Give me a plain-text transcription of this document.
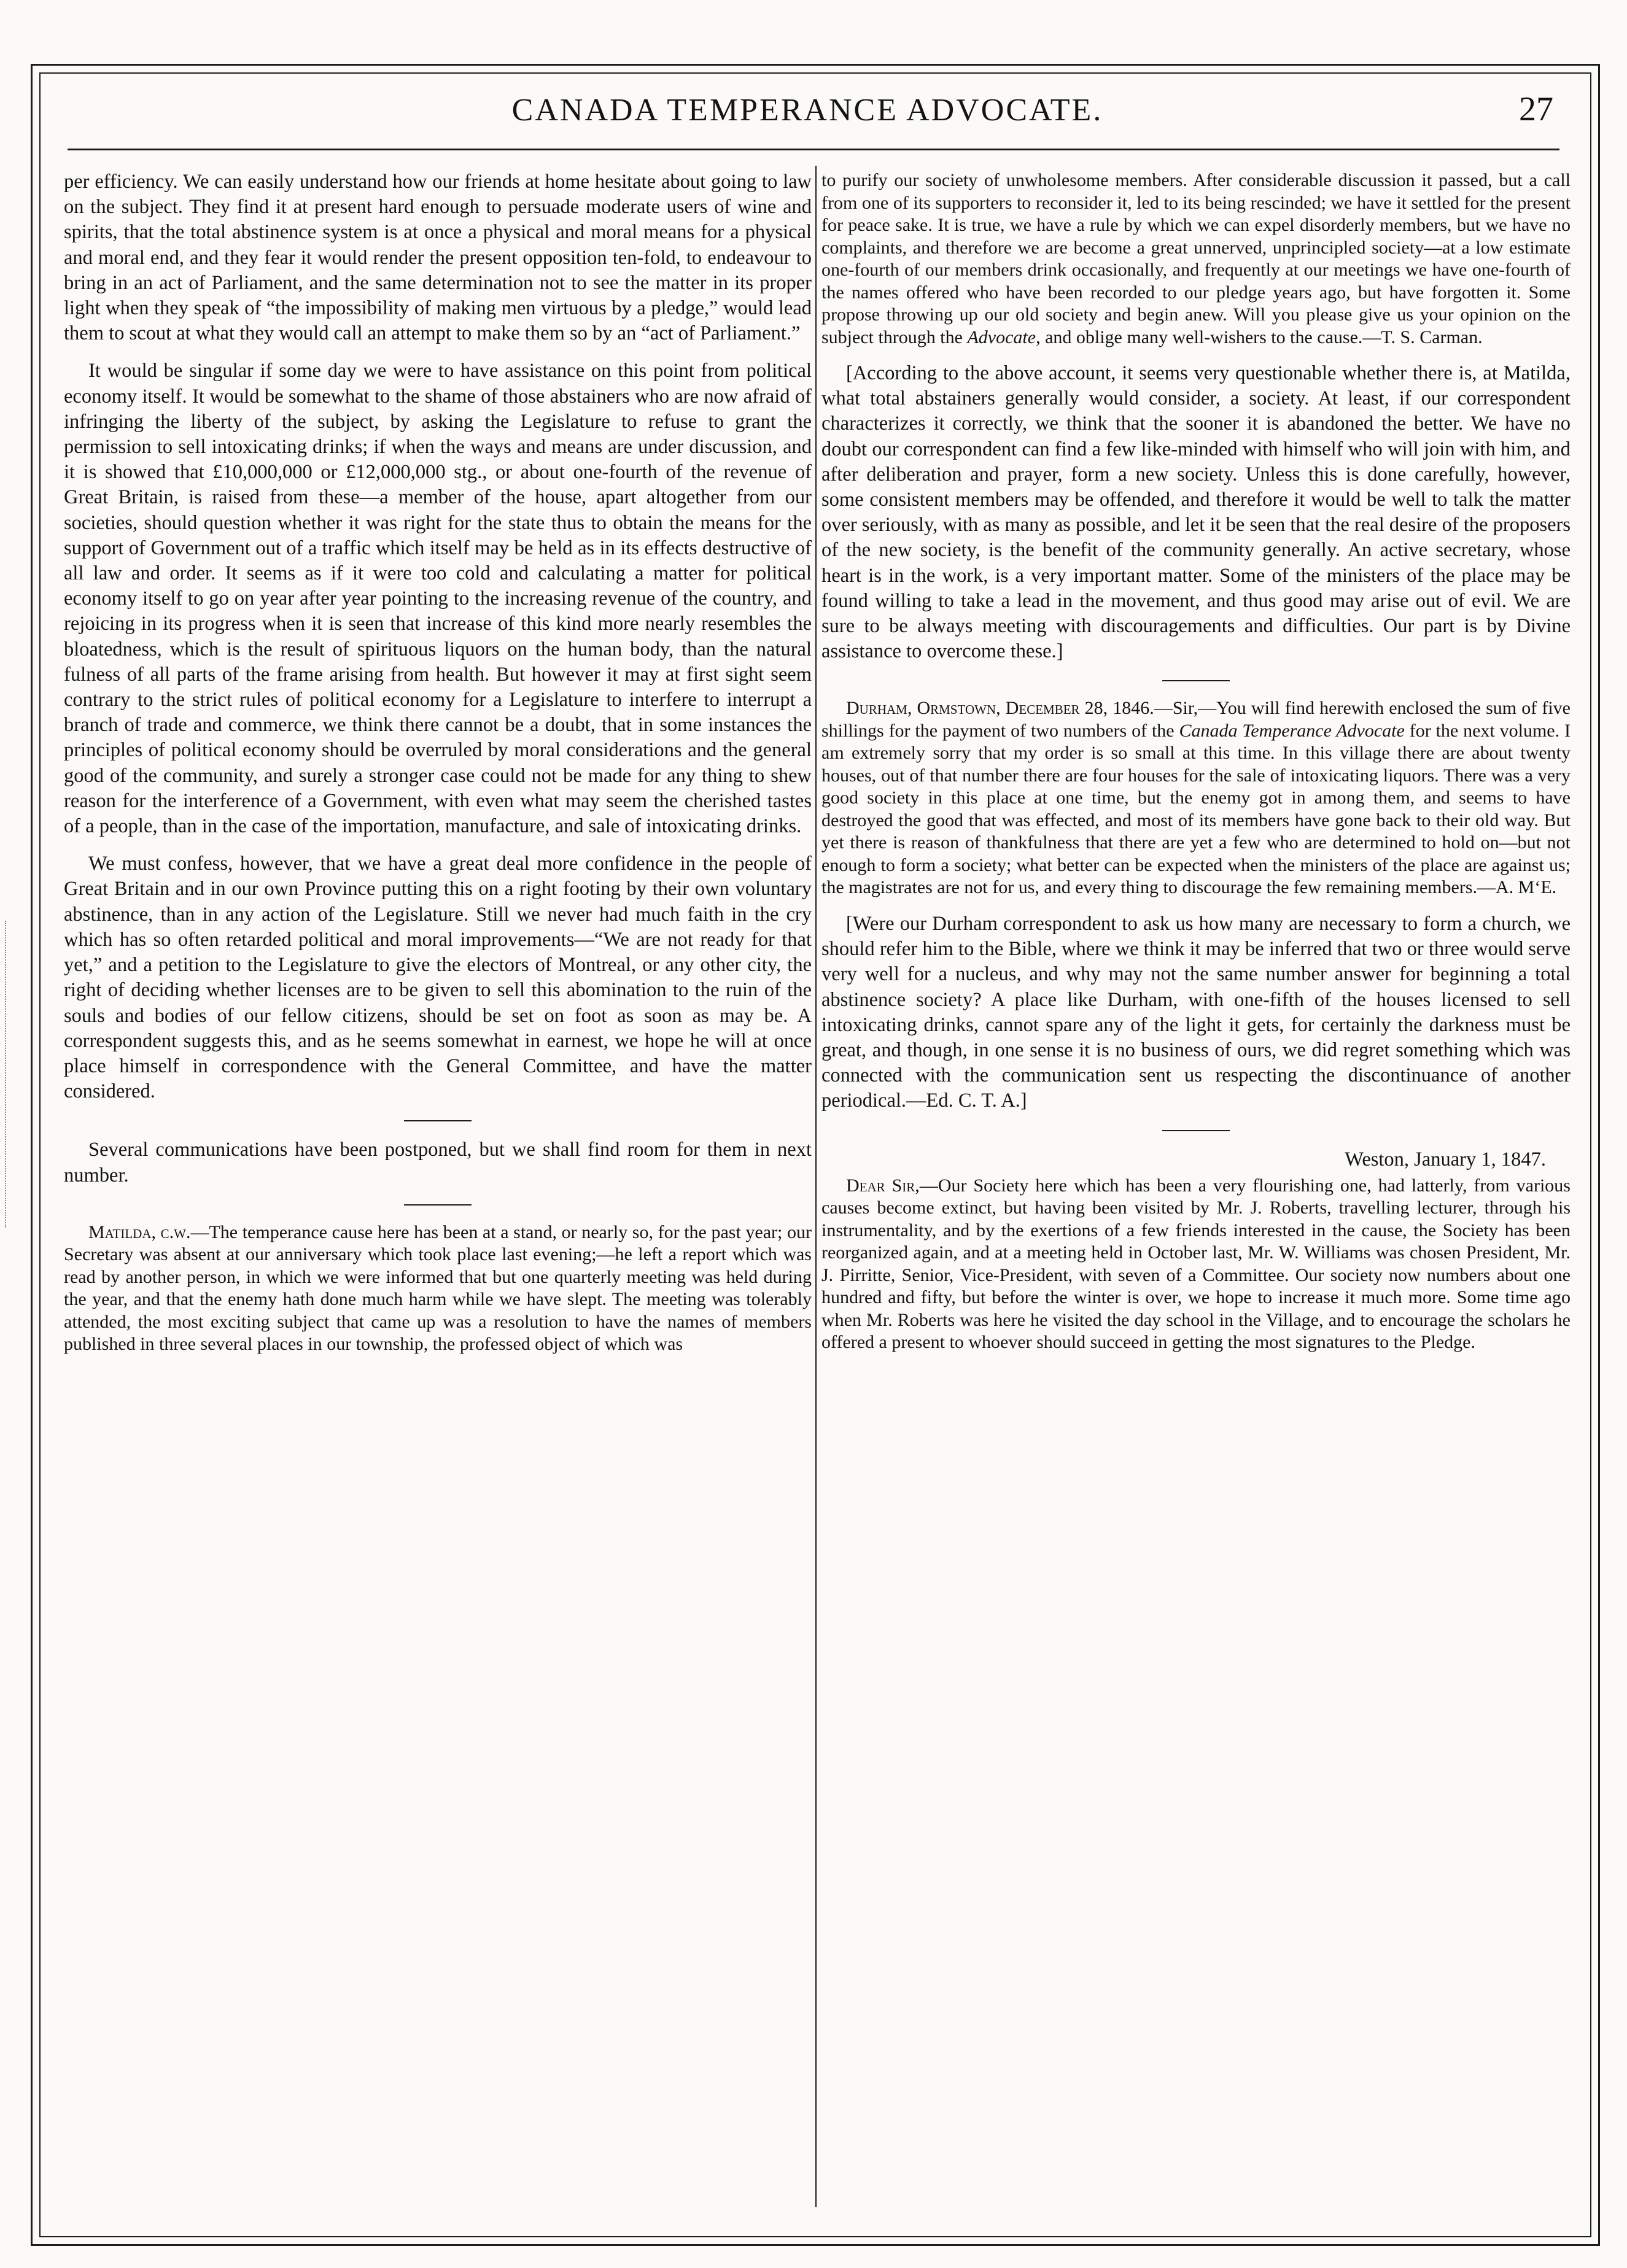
CANADA TEMPERANCE ADVOCATE.	27

per efficiency. We can easily understand how our friends at home hesitate about going to law on the subject. They find it at present hard enough to persuade moderate users of wine and spirits, that the total abstinence system is at once a physical and moral means for a physical and moral end, and they fear it would render the present opposition ten-fold, to endeavour to bring in an act of Parliament, and the same determination not to see the matter in its proper light when they speak of “the impossibility of making men virtuous by a pledge,” would lead them to scout at what they would call an attempt to make them so by an “act of Parliament.”

It would be singular if some day we were to have assistance on this point from political economy itself. It would be somewhat to the shame of those abstainers who are now afraid of infringing the liberty of the subject, by asking the Legislature to refuse to grant the permission to sell intoxicating drinks; if when the ways and means are under discussion, and it is showed that £10,000,000 or £12,000,000 stg., or about one-fourth of the revenue of Great Britain, is raised from these—a member of the house, apart altogether from our societies, should question whether it was right for the state thus to obtain the means for the support of Government out of a traffic which itself may be held as in its effects destructive of all law and order. It seems as if it were too cold and calculating a matter for political economy itself to go on year after year pointing to the increasing revenue of the country, and rejoicing in its progress when it is seen that increase of this kind more nearly resembles the bloatedness, which is the result of spirituous liquors on the human body, than the natural fulness of all parts of the frame arising from health. But however it may at first sight seem contrary to the strict rules of political economy for a Legislature to interfere to interrupt a branch of trade and commerce, we think there cannot be a doubt, that in some instances the principles of political economy should be overruled by moral considerations and the general good of the community, and surely a stronger case could not be made for any thing to shew reason for the interference of a Government, with even what may seem the cherished tastes of a people, than in the case of the importation, manufacture, and sale of intoxicating drinks.

We must confess, however, that we have a great deal more confidence in the people of Great Britain and in our own Province putting this on a right footing by their own voluntary abstinence, than in any action of the Legislature. Still we never had much faith in the cry which has so often retarded political and moral improvements—“We are not ready for that yet,” and a petition to the Legislature to give the electors of Montreal, or any other city, the right of deciding whether licenses are to be given to sell this abomination to the ruin of the souls and bodies of our fellow citizens, should be set on foot as soon as may be. A correspondent suggests this, and as he seems somewhat in earnest, we hope he will at once place himself in correspondence with the General Committee, and have the matter considered.

Several communications have been postponed, but we shall find room for them in next number.

Matilda, c.w.—The temperance cause here has been at a stand, or nearly so, for the past year; our Secretary was absent at our anniversary which took place last evening;—he left a report which was read by another person, in which we were informed that but one quarterly meeting was held during the year, and that the enemy hath done much harm while we have slept. The meeting was tolerably attended, the most exciting subject that came up was a resolution to have the names of members published in three several places in our township, the professed object of which was

to purify our society of unwholesome members. After considerable discussion it passed, but a call from one of its supporters to reconsider it, led to its being rescinded; we have it settled for the present for peace sake. It is true, we have a rule by which we can expel disorderly members, but we have no complaints, and therefore we are become a great unnerved, unprincipled society—at a low estimate one-fourth of our members drink occasionally, and frequently at our meetings we have one-fourth of the names offered who have been recorded to our pledge years ago, but have forgotten it. Some propose throwing up our old society and begin anew. Will you please give us your opinion on the subject through the Advocate, and oblige many well-wishers to the cause.—T. S. Carman.

[According to the above account, it seems very questionable whether there is, at Matilda, what total abstainers generally would consider, a society. At least, if our correspondent characterizes it correctly, we think that the sooner it is abandoned the better. We have no doubt our correspondent can find a few like-minded with himself who will join with him, and after deliberation and prayer, form a new society. Unless this is done carefully, however, some consistent members may be offended, and therefore it would be well to talk the matter over seriously, with as many as possible, and let it be seen that the real desire of the proposers of the new society, is the benefit of the community generally. An active secretary, whose heart is in the work, is a very important matter. Some of the ministers of the place may be found willing to take a lead in the movement, and thus good may arise out of evil. We are sure to be always meeting with discouragements and difficulties. Our part is by Divine assistance to overcome these.]

Durham, Ormstown, December 28, 1846.—Sir,—You will find herewith enclosed the sum of five shillings for the payment of two numbers of the Canada Temperance Advocate for the next volume. I am extremely sorry that my order is so small at this time. In this village there are about twenty houses, out of that number there are four houses for the sale of intoxicating liquors. There was a very good society in this place at one time, but the enemy got in among them, and seems to have destroyed the good that was effected, and most of its members have gone back to their old way. But yet there is reason of thankfulness that there are yet a few who are determined to hold on—but not enough to form a society; what better can be expected when the ministers of the place are against us; the magistrates are not for us, and every thing to discourage the few remaining members.—A. M‘E.

[Were our Durham correspondent to ask us how many are necessary to form a church, we should refer him to the Bible, where we think it may be inferred that two or three would serve very well for a nucleus, and why may not the same number answer for beginning a total abstinence society? A place like Durham, with one-fifth of the houses licensed to sell intoxicating drinks, cannot spare any of the light it gets, for certainly the darkness must be great, and though, in one sense it is no business of ours, we did regret something which was connected with the communication sent us respecting the discontinuance of another periodical.—Ed. C. T. A.]

Weston, January 1, 1847.

Dear Sir,—Our Society here which has been a very flourishing one, had latterly, from various causes become extinct, but having been visited by Mr. J. Roberts, travelling lecturer, through his instrumentality, and by the exertions of a few friends interested in the cause, the Society has been reorganized again, and at a meeting held in October last, Mr. W. Williams was chosen President, Mr. J. Pirritte, Senior, Vice-President, with seven of a Committee. Our society now numbers about one hundred and fifty, but before the winter is over, we hope to increase it much more. Some time ago when Mr. Roberts was here he visited the day school in the Village, and to encourage the scholars he offered a present to whoever should succeed in getting the most signatures to the Pledge.
